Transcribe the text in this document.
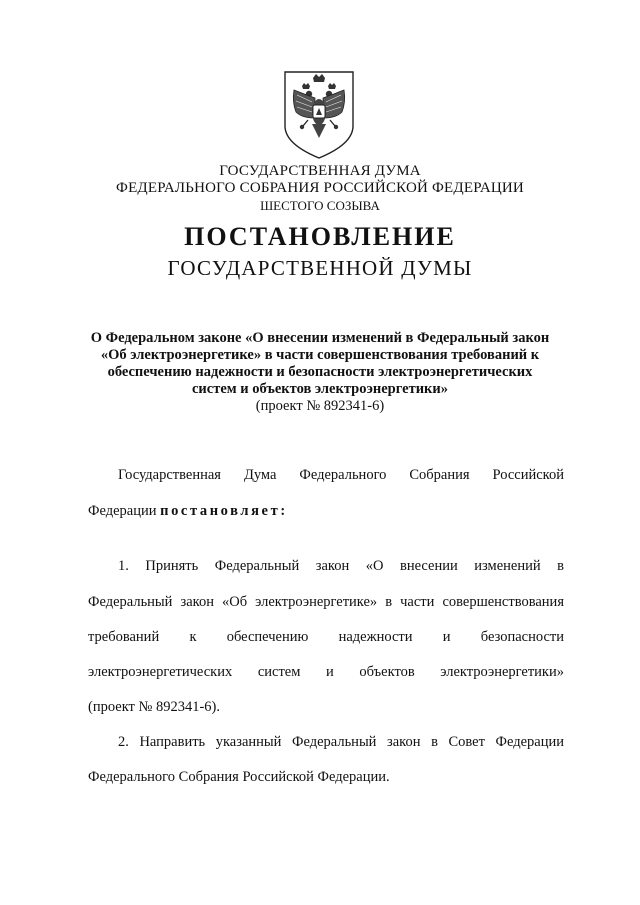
ГОСУДАРСТВЕННАЯ ДУМА
ФЕДЕРАЛЬНОГО СОБРАНИЯ РОССИЙСКОЙ ФЕДЕРАЦИИ
ШЕСТОГО СОЗЫВА
ПОСТАНОВЛЕНИЕ
ГОСУДАРСТВЕННОЙ ДУМЫ
О Федеральном законе «О внесении изменений в Федеральный закон
«Об электроэнергетике» в части совершенствования требований к
обеспечению надежности и безопасности электроэнергетических
систем и объектов электроэнергетики»
(проект № 892341-6)
Государственная Дума Федерального Собрания Российской
Федерации постановляет:
1. Принять Федеральный закон «О внесении изменений в
Федеральный закон «Об электроэнергетике» в части совершенствования
требований к обеспечению надежности и безопасности
электроэнергетических систем и объектов электроэнергетики»
(проект № 892341-6).
2. Направить указанный Федеральный закон в Совет Федерации
Федерального Собрания Российской Федерации.
